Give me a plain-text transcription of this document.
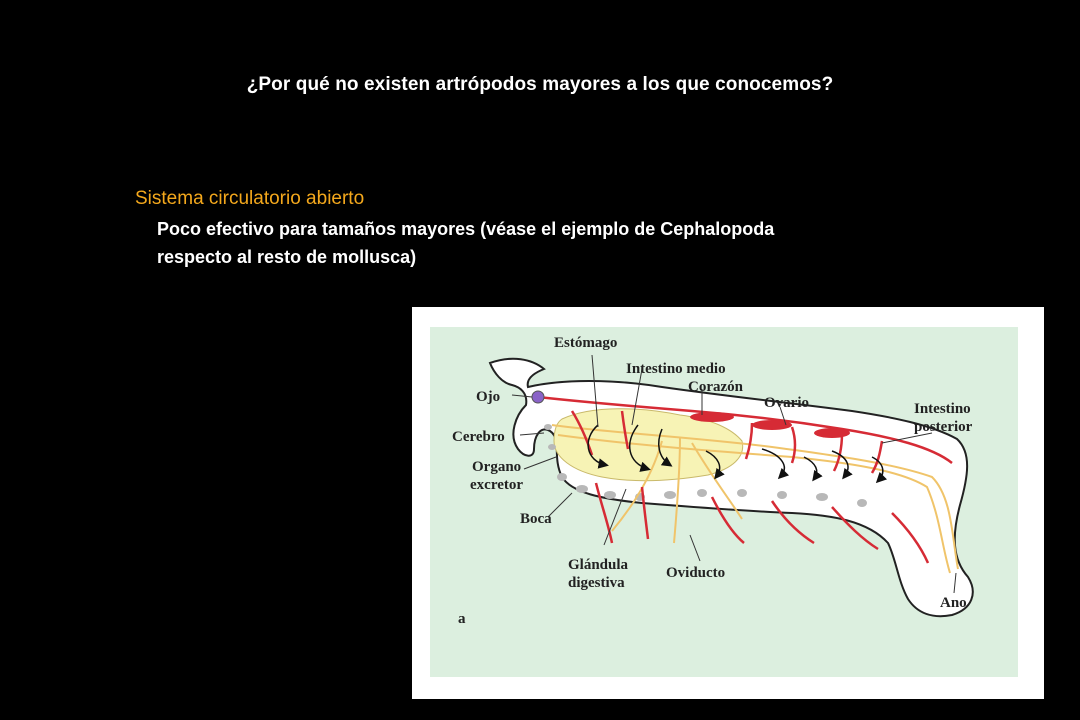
¿Por qué no existen artrópodos mayores a los que conocemos?
Sistema circulatorio abierto
Poco efectivo para tamaños mayores (véase el ejemplo de Cephalopoda
respecto al resto de mollusca)
Estómago
Intestino medio
Corazón
Ovario	Intestino
posterior
Ojo
Cerebro
Organo
excretor
Boca
Glándula
digestiva
Oviducto
Ano
a
